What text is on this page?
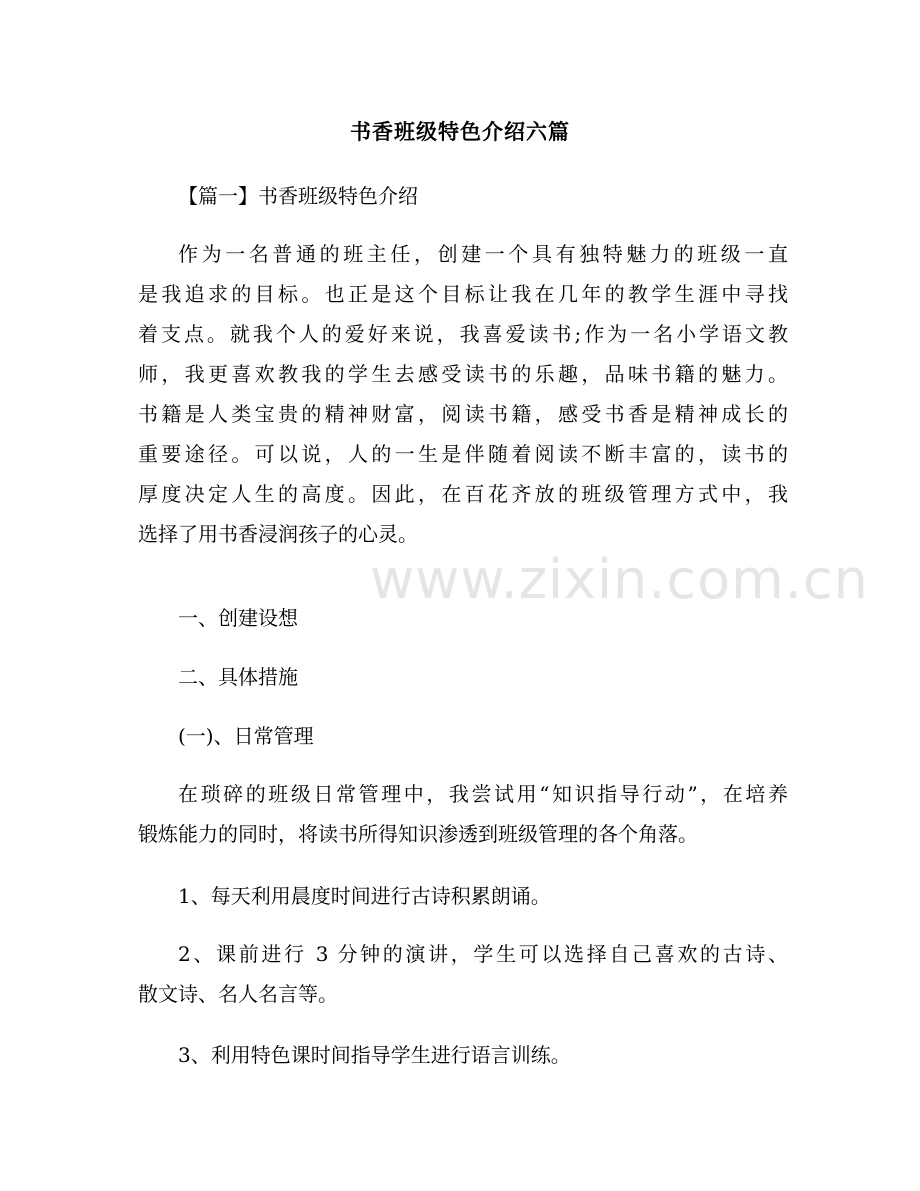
书香班级特色介绍六篇
【篇一】书香班级特色介绍
作为一名普通的班主任，创建一个具有独特魅力的班级一直
是我追求的目标。也正是这个目标让我在几年的教学生涯中寻找
着支点。就我个人的爱好来说，我喜爱读书;作为一名小学语文教
师，我更喜欢教我的学生去感受读书的乐趣，品味书籍的魅力。
书籍是人类宝贵的精神财富，阅读书籍，感受书香是精神成长的
重要途径。可以说，人的一生是伴随着阅读不断丰富的，读书的
厚度决定人生的高度。因此，在百花齐放的班级管理方式中，我
选择了用书香浸润孩子的心灵。
一、创建设想
二、具体措施
(一)、日常管理
在琐碎的班级日常管理中，我尝试用“知识指导行动”，在培养
锻炼能力的同时，将读书所得知识渗透到班级管理的各个角落。
1、每天利用晨度时间进行古诗积累朗诵。
2、课前进行 3 分钟的演讲，学生可以选择自己喜欢的古诗、
散文诗、名人名言等。
3、利用特色课时间指导学生进行语言训练。
www.zixin.com.cn
